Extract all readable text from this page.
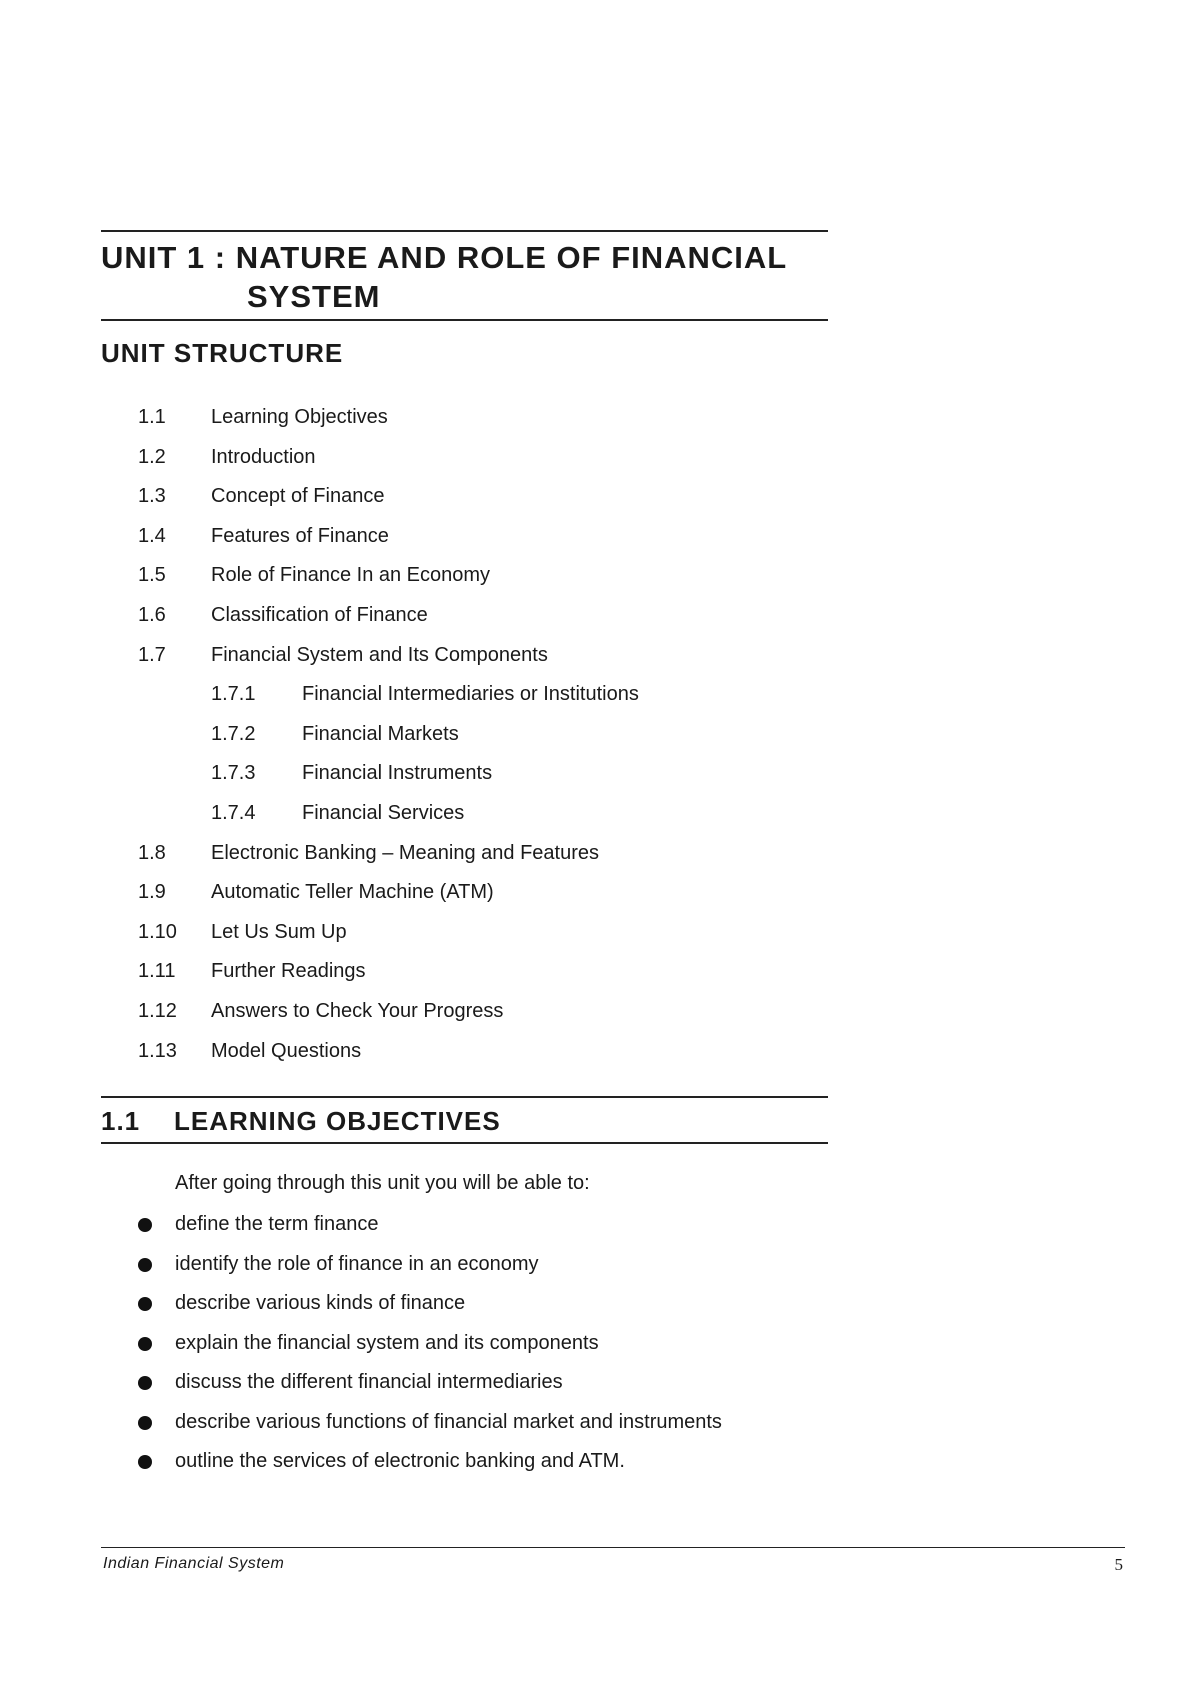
UNIT 1 : NATURE AND ROLE OF FINANCIAL
SYSTEM
UNIT STRUCTURE
1.1 Learning Objectives
1.2 Introduction
1.3 Concept of Finance
1.4 Features of Finance
1.5 Role of Finance In an Economy
1.6 Classification of Finance
1.7 Financial System and Its Components
1.7.1 Financial Intermediaries or Institutions
1.7.2 Financial Markets
1.7.3 Financial Instruments
1.7.4 Financial Services
1.8 Electronic Banking – Meaning and Features
1.9 Automatic Teller Machine (ATM)
1.10 Let Us Sum Up
1.11 Further Readings
1.12 Answers to Check Your Progress
1.13 Model Questions
1.1 LEARNING OBJECTIVES

After going through this unit you will be able to:

define the term finance
identify the role of finance in an economy
describe various kinds of finance
explain the financial system and its components
discuss the different financial intermediaries
describe various functions of financial market and instruments
outline the services of electronic banking and ATM.
Indian Financial System	5
